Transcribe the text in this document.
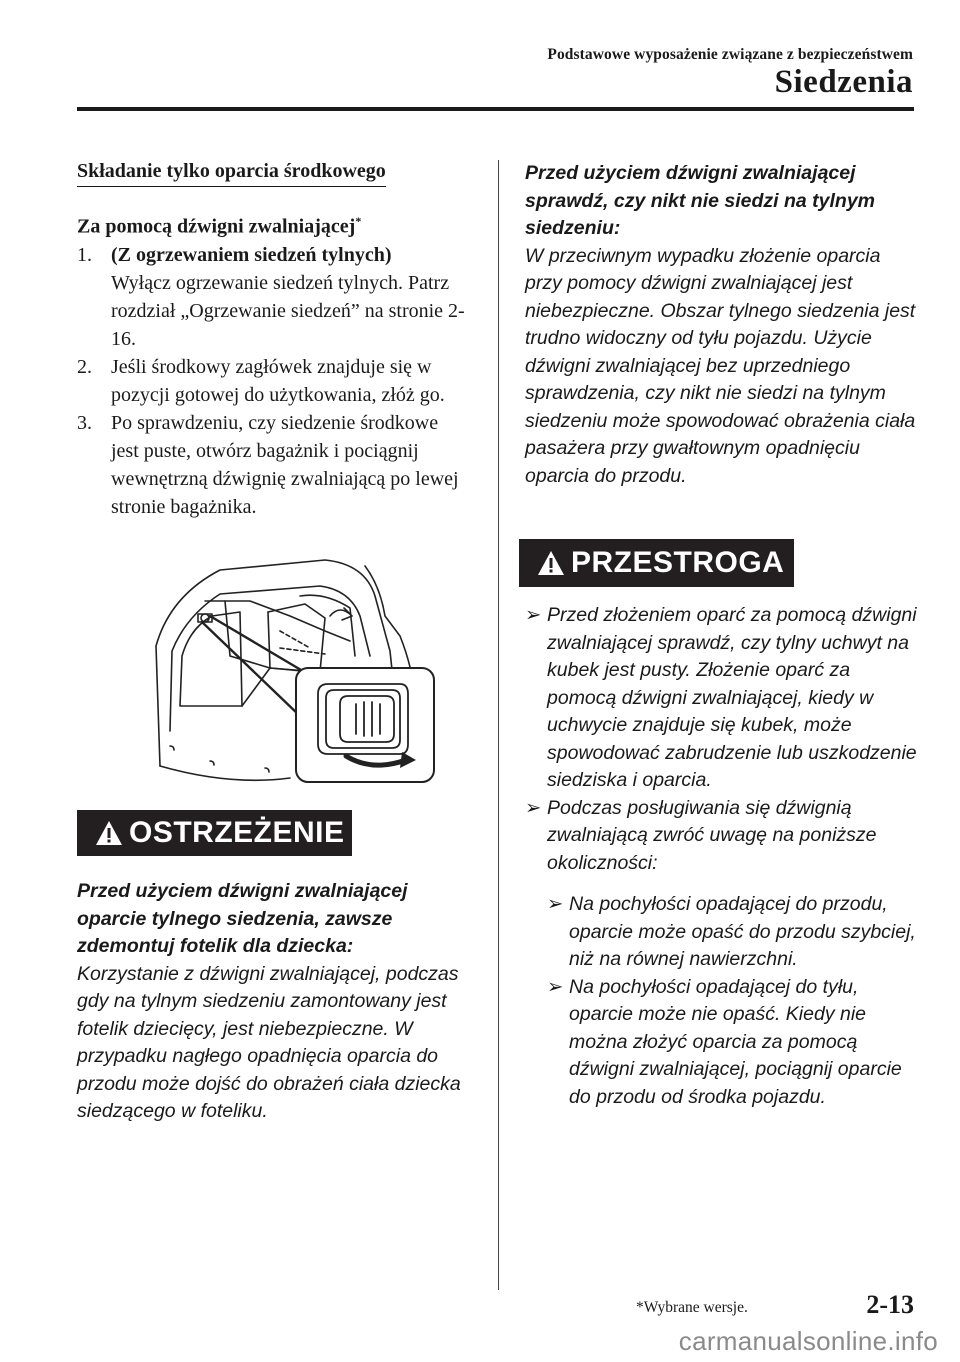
Podstawowe wyposażenie związane z bezpieczeństwem
Siedzenia
Składanie tylko oparcia środkowego
Za pomocą dźwigni zwalniającej*
1. (Z ogrzewaniem siedzeń tylnych)
Wyłącz ogrzewanie siedzeń tylnych. Patrz rozdział „Ogrzewanie siedzeń” na stronie 2-16.
2. Jeśli środkowy zagłówek znajduje się w pozycji gotowej do użytkowania, złóż go.
3. Po sprawdzeniu, czy siedzenie środkowe jest puste, otwórz bagażnik i pociągnij wewnętrzną dźwignię zwalniającą po lewej stronie bagażnika.
OSTRZEŻENIE
Przed użyciem dźwigni zwalniającej oparcie tylnego siedzenia, zawsze zdemontuj fotelik dla dziecka:
Korzystanie z dźwigni zwalniającej, podczas gdy na tylnym siedzeniu zamontowany jest fotelik dziecięcy, jest niebezpieczne. W przypadku nagłego opadnięcia oparcia do przodu może dojść do obrażeń ciała dziecka siedzącego w foteliku.
Przed użyciem dźwigni zwalniającej sprawdź, czy nikt nie siedzi na tylnym siedzeniu:
W przeciwnym wypadku złożenie oparcia przy pomocy dźwigni zwalniającej jest niebezpieczne. Obszar tylnego siedzenia jest trudno widoczny od tyłu pojazdu. Użycie dźwigni zwalniającej bez uprzedniego sprawdzenia, czy nikt nie siedzi na tylnym siedzeniu może spowodować obrażenia ciała pasażera przy gwałtownym opadnięciu oparcia do przodu.
PRZESTROGA
➢ Przed złożeniem oparć za pomocą dźwigni zwalniającej sprawdź, czy tylny uchwyt na kubek jest pusty. Złożenie oparć za pomocą dźwigni zwalniającej, kiedy w uchwycie znajduje się kubek, może spowodować zabrudzenie lub uszkodzenie siedziska i oparcia.
➢ Podczas posługiwania się dźwignią zwalniającą zwróć uwagę na poniższe okoliczności:
➢ Na pochyłości opadającej do przodu, oparcie może opaść do przodu szybciej, niż na równej nawierzchni.
➢ Na pochyłości opadającej do tyłu, oparcie może nie opaść. Kiedy nie można złożyć oparcia za pomocą dźwigni zwalniającej, pociągnij oparcie do przodu od środka pojazdu.
*Wybrane wersje.	2-13
carmanualsonline.info
